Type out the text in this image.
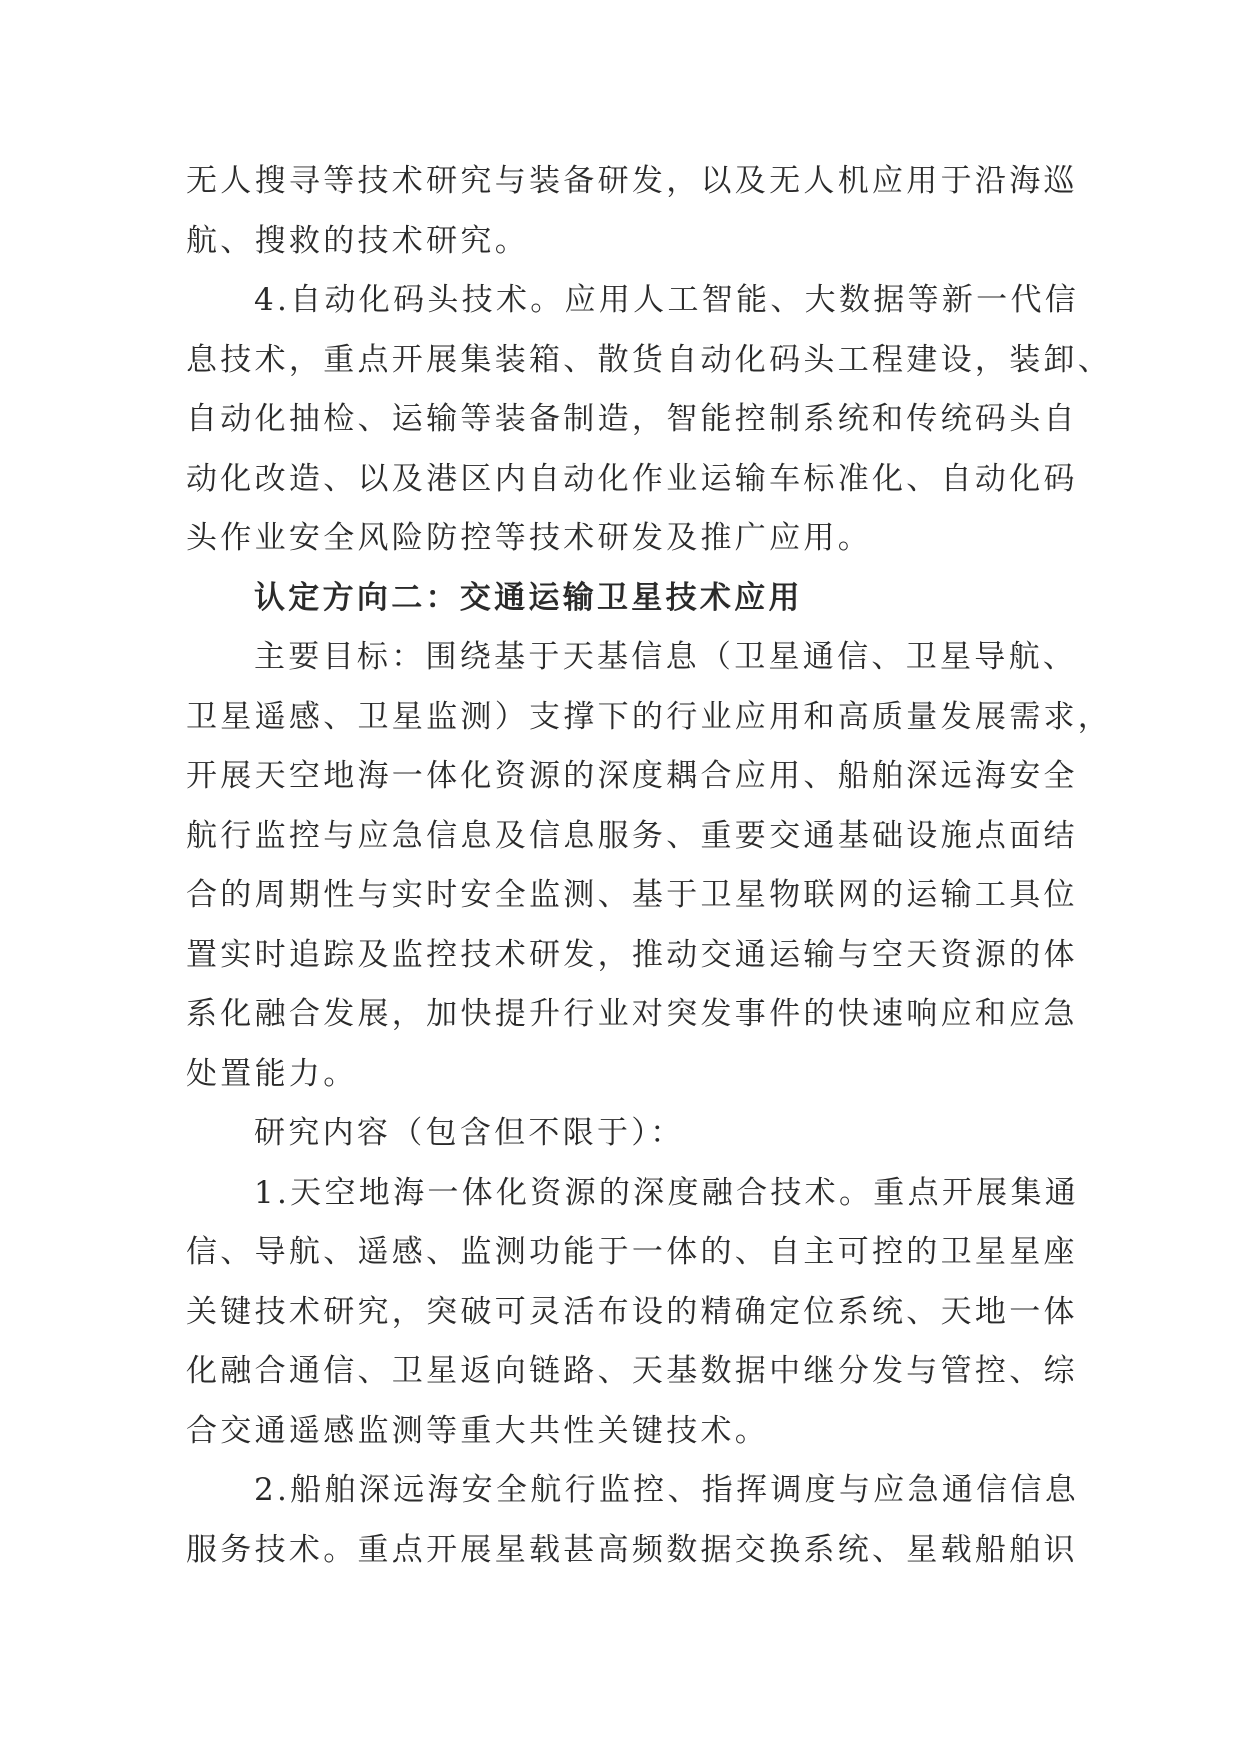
无人搜寻等技术研究与装备研发，以及无人机应用于沿海巡
航、搜救的技术研究。
4.自动化码头技术。应用人工智能、大数据等新一代信
息技术，重点开展集装箱、散货自动化码头工程建设，装卸、
自动化抽检、运输等装备制造，智能控制系统和传统码头自
动化改造、以及港区内自动化作业运输车标准化、自动化码
头作业安全风险防控等技术研发及推广应用。
认定方向二：交通运输卫星技术应用
主要目标：围绕基于天基信息（卫星通信、卫星导航、
卫星遥感、卫星监测）支撑下的行业应用和高质量发展需求，
开展天空地海一体化资源的深度耦合应用、船舶深远海安全
航行监控与应急信息及信息服务、重要交通基础设施点面结
合的周期性与实时安全监测、基于卫星物联网的运输工具位
置实时追踪及监控技术研发，推动交通运输与空天资源的体
系化融合发展，加快提升行业对突发事件的快速响应和应急
处置能力。
研究内容（包含但不限于）：
1.天空地海一体化资源的深度融合技术。重点开展集通
信、导航、遥感、监测功能于一体的、自主可控的卫星星座
关键技术研究，突破可灵活布设的精确定位系统、天地一体
化融合通信、卫星返向链路、天基数据中继分发与管控、综
合交通遥感监测等重大共性关键技术。
2.船舶深远海安全航行监控、指挥调度与应急通信信息
服务技术。重点开展星载甚高频数据交换系统、星载船舶识
